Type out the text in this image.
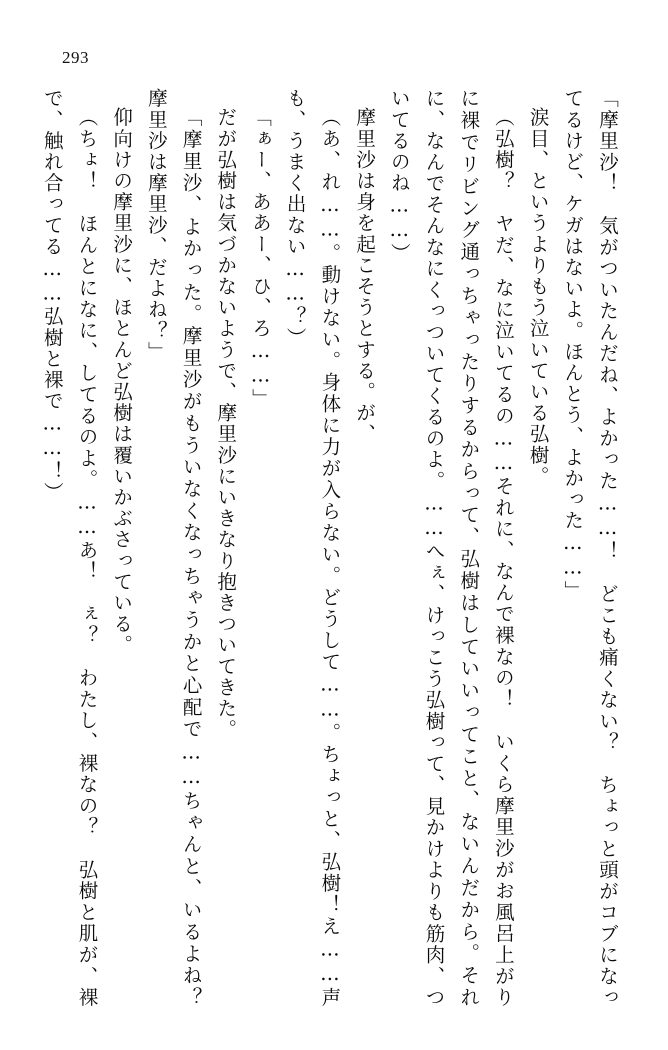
293

「摩里沙！　気がついたんだね、よかった……！　どこも痛くない？　ちょっと頭がコブになってるけど、ケガはないよ。ほんとう、よかった……」

涙目、というよりもう泣いている弘樹。

（弘樹？　ヤだ、なに泣いてるの……それに、なんで裸なの！　いくら摩里沙がお風呂上がりに裸でリビング通っちゃったりするからって、弘樹はしていいってこと、ないんだから。それに、なんでそんなにくっついてくるのよ。……へぇ、けっこう弘樹って、見かけよりも筋肉、ついてるのね……）

摩里沙は身を起こそうとする。が、

（あ、れ……。動けない。身体に力が入らない。どうして……。ちょっと、弘樹！え……声も、うまく出ない……？）

「ぁー、ああー、ひ、ろ……」

だが弘樹は気づかないようで、摩里沙にいきなり抱きついてきた。

「摩里沙、よかった。摩里沙がもういなくなっちゃうかと心配で……ちゃんと、いるよね？　摩里沙は摩里沙、だよね？」

仰向けの摩里沙に、ほとんど弘樹は覆いかぶさっている。

（ちょ！　ほんとになに、してるのよ。……あ！　ぇ？　わたし、裸なの？　弘樹と肌が、裸で、触れ合ってる……弘樹と裸で……！）
